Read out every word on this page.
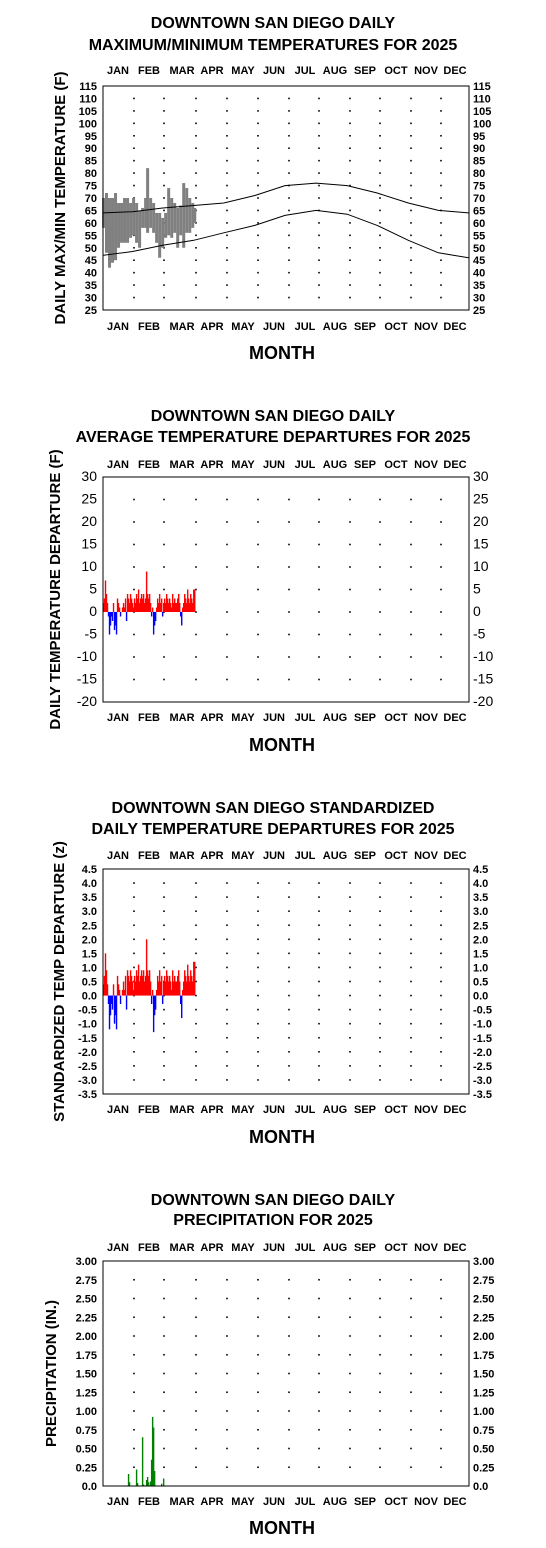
DOWNTOWN SAN DIEGO DAILY
MAXIMUM/MINIMUM TEMPERATURES FOR 2025
JAN
JAN
FEB
FEB
MAR
MAR
APR
APR
MAY
MAY
JUN
JUN
JUL
JUL
AUG
AUG
SEP
SEP
OCT
OCT
NOV
NOV
DEC
DEC
115	115
110	110
105	105
100	100
95	95
90	90
85	85
80	80
75	75
70	70
65	65
60	60
55	55
50	50
45	45
40	40
35	35
30	30
25	25
MONTH
DAILY MAX/MIN TEMPERATURE (F)
DOWNTOWN SAN DIEGO DAILY
AVERAGE TEMPERATURE DEPARTURES FOR 2025
JAN
JAN
FEB
FEB
MAR
MAR
APR
APR
MAY
MAY
JUN
JUN
JUL
JUL
AUG
AUG
SEP
SEP
OCT
OCT
NOV
NOV
DEC
DEC
30	30
25	25
20	20
15	15
10	10
5	5
0	0
-5	-5
-10	-10
-15	-15
-20	-20
MONTH
DAILY TEMPERATURE DEPARTURE (F)
DOWNTOWN SAN DIEGO STANDARDIZED
DAILY TEMPERATURE DEPARTURES FOR 2025
JAN
JAN
FEB
FEB
MAR
MAR
APR
APR
MAY
MAY
JUN
JUN
JUL
JUL
AUG
AUG
SEP
SEP
OCT
OCT
NOV
NOV
DEC
DEC
4.5	4.5
4.0	4.0
3.5	3.5
3.0	3.0
2.5	2.5
2.0	2.0
1.5	1.5
1.0	1.0
0.5	0.5
0.0	0.0
-0.5	-0.5
-1.0	-1.0
-1.5	-1.5
-2.0	-2.0
-2.5	-2.5
-3.0	-3.0
-3.5	-3.5
MONTH
STANDARDIZED TEMP DEPARTURE (z)
DOWNTOWN SAN DIEGO DAILY
PRECIPITATION FOR 2025
JAN
JAN
FEB
FEB
MAR
MAR
APR
APR
MAY
MAY
JUN
JUN
JUL
JUL
AUG
AUG
SEP
SEP
OCT
OCT
NOV
NOV
DEC
DEC
3.00	3.00
2.75	2.75
2.50	2.50
2.25	2.25
2.00	2.00
1.75	1.75
1.50	1.50
1.25	1.25
1.00	1.00
0.75	0.75
0.50	0.50
0.25	0.25
0.0	0.0
MONTH
PRECIPITATION (IN.)
